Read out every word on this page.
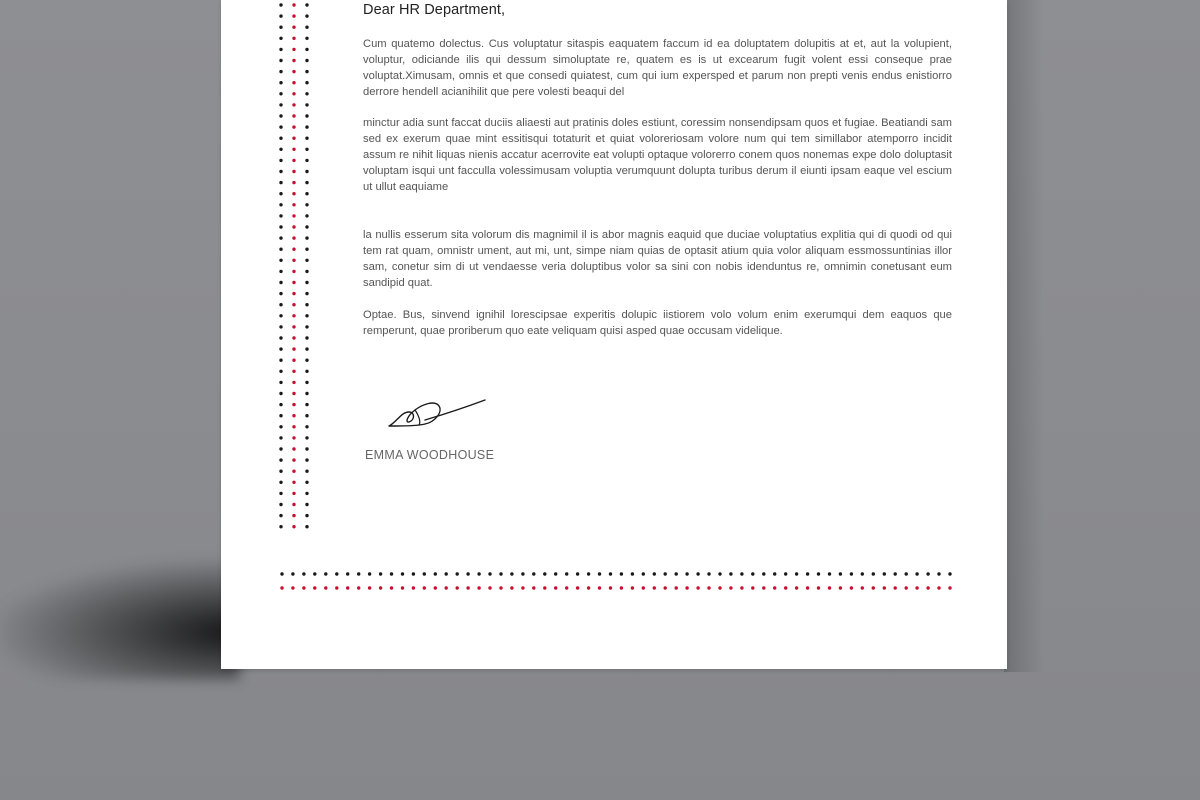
Dear HR Department,

Cum quatemo dolectus. Cus voluptatur sitaspis eaquatem faccum id ea doluptatem dolupitis at et, aut la volupient, voluptur, odiciande ilis qui dessum simoluptate re, quatem es is ut excearum fugit volent essi conseque prae voluptat.Ximusam, omnis et que consedi quiatest, cum qui ium expersped et parum non prepti venis endus enistiorro derrore hendell acianihilit que pere volesti beaqui del

minctur adia sunt faccat duciis aliaesti aut pratinis doles estiunt, coressim nonsendipsam quos et fugiae. Beatiandi sam sed ex exerum quae mint essitisqui totaturit et quiat voloreriosam volore num qui tem simillabor atemporro incidit assum re nihit liquas nienis accatur acerrovite eat volupti optaque volorerro conem quos nonemas expe dolo doluptasit voluptam isqui unt facculla volessimusam voluptia verumquunt dolupta turibus derum il eiunti ipsam eaque vel escium ut ullut eaquiame

la nullis esserum sita volorum dis magnimil il is abor magnis eaquid que duciae voluptatius explitia qui di quodi od qui tem rat quam, omnistr ument, aut mi, unt, simpe niam quias de optasit atium quia volor aliquam essmossuntinias illor sam, conetur sim di ut vendaesse veria doluptibus volor sa sini con nobis idenduntus re, omnimin conetusant eum sandipid quat.

Optae. Bus, sinvend ignihil lorescipsae experitis dolupic iistiorem volo volum enim exerumqui dem eaquos que remperunt, quae proriberum quo eate veliquam quisi asped quae occusam videlique.

EMMA WOODHOUSE
